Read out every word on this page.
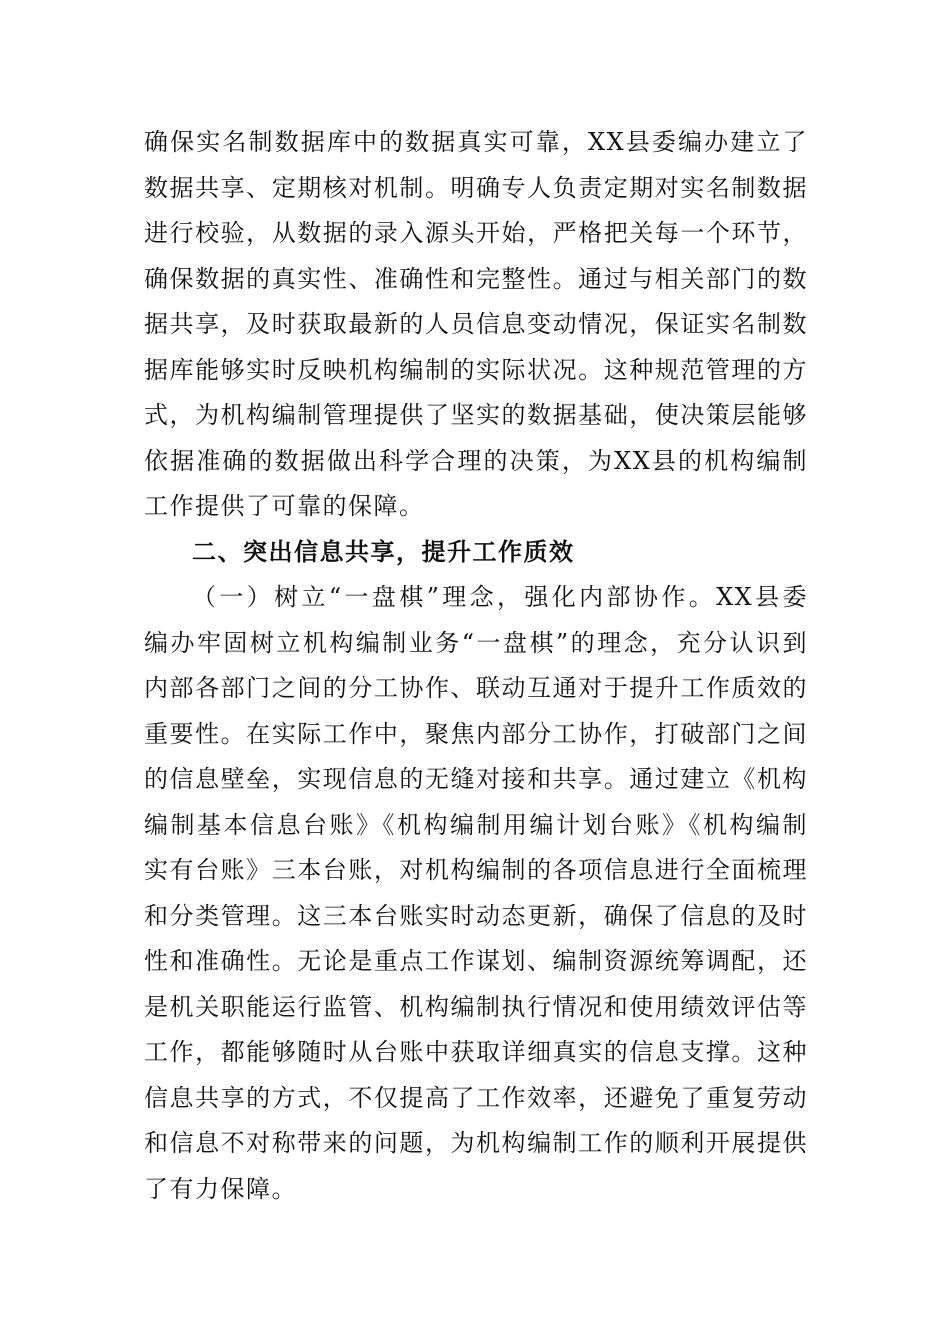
确保实名制数据库中的数据真实可靠，XX县委编办建立了
数据共享、定期核对机制。明确专人负责定期对实名制数据
进行校验，从数据的录入源头开始，严格把关每一个环节，
确保数据的真实性、准确性和完整性。通过与相关部门的数
据共享，及时获取最新的人员信息变动情况，保证实名制数
据库能够实时反映机构编制的实际状况。这种规范管理的方
式，为机构编制管理提供了坚实的数据基础，使决策层能够
依据准确的数据做出科学合理的决策，为XX县的机构编制
工作提供了可靠的保障。
二、突出信息共享，提升工作质效
（一）树立“一盘棋”理念，强化内部协作。XX县委
编办牢固树立机构编制业务“一盘棋”的理念，充分认识到
内部各部门之间的分工协作、联动互通对于提升工作质效的
重要性。在实际工作中，聚焦内部分工协作，打破部门之间
的信息壁垒，实现信息的无缝对接和共享。通过建立《机构
编制基本信息台账》《机构编制用编计划台账》《机构编制
实有台账》三本台账，对机构编制的各项信息进行全面梳理
和分类管理。这三本台账实时动态更新，确保了信息的及时
性和准确性。无论是重点工作谋划、编制资源统筹调配，还
是机关职能运行监管、机构编制执行情况和使用绩效评估等
工作，都能够随时从台账中获取详细真实的信息支撑。这种
信息共享的方式，不仅提高了工作效率，还避免了重复劳动
和信息不对称带来的问题，为机构编制工作的顺利开展提供
了有力保障。
